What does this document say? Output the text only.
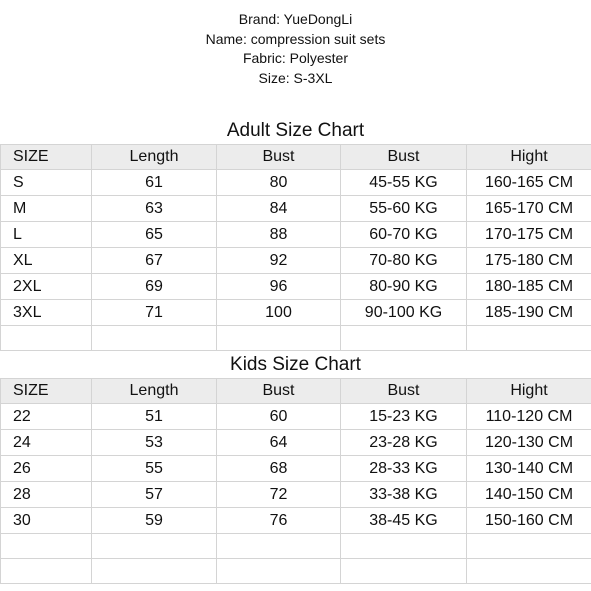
Brand: YueDongLi
Name: compression suit sets
Fabric: Polyester
Size: S-3XL
Adult Size Chart
SIZE	Length	Bust	Bust	Hight
S	61	80	45-55 KG	160-165 CM
M	63	84	55-60 KG	165-170 CM
L	65	88	60-70 KG	170-175 CM
XL	67	92	70-80 KG	175-180 CM
2XL	69	96	80-90 KG	180-185 CM
3XL	71	100	90-100 KG	185-190 CM

Kids Size Chart
SIZE	Length	Bust	Bust	Hight
22	51	60	15-23 KG	110-120 CM
24	53	64	23-28 KG	120-130 CM
26	55	68	28-33 KG	130-140 CM
28	57	72	33-38 KG	140-150 CM
30	59	76	38-45 KG	150-160 CM
